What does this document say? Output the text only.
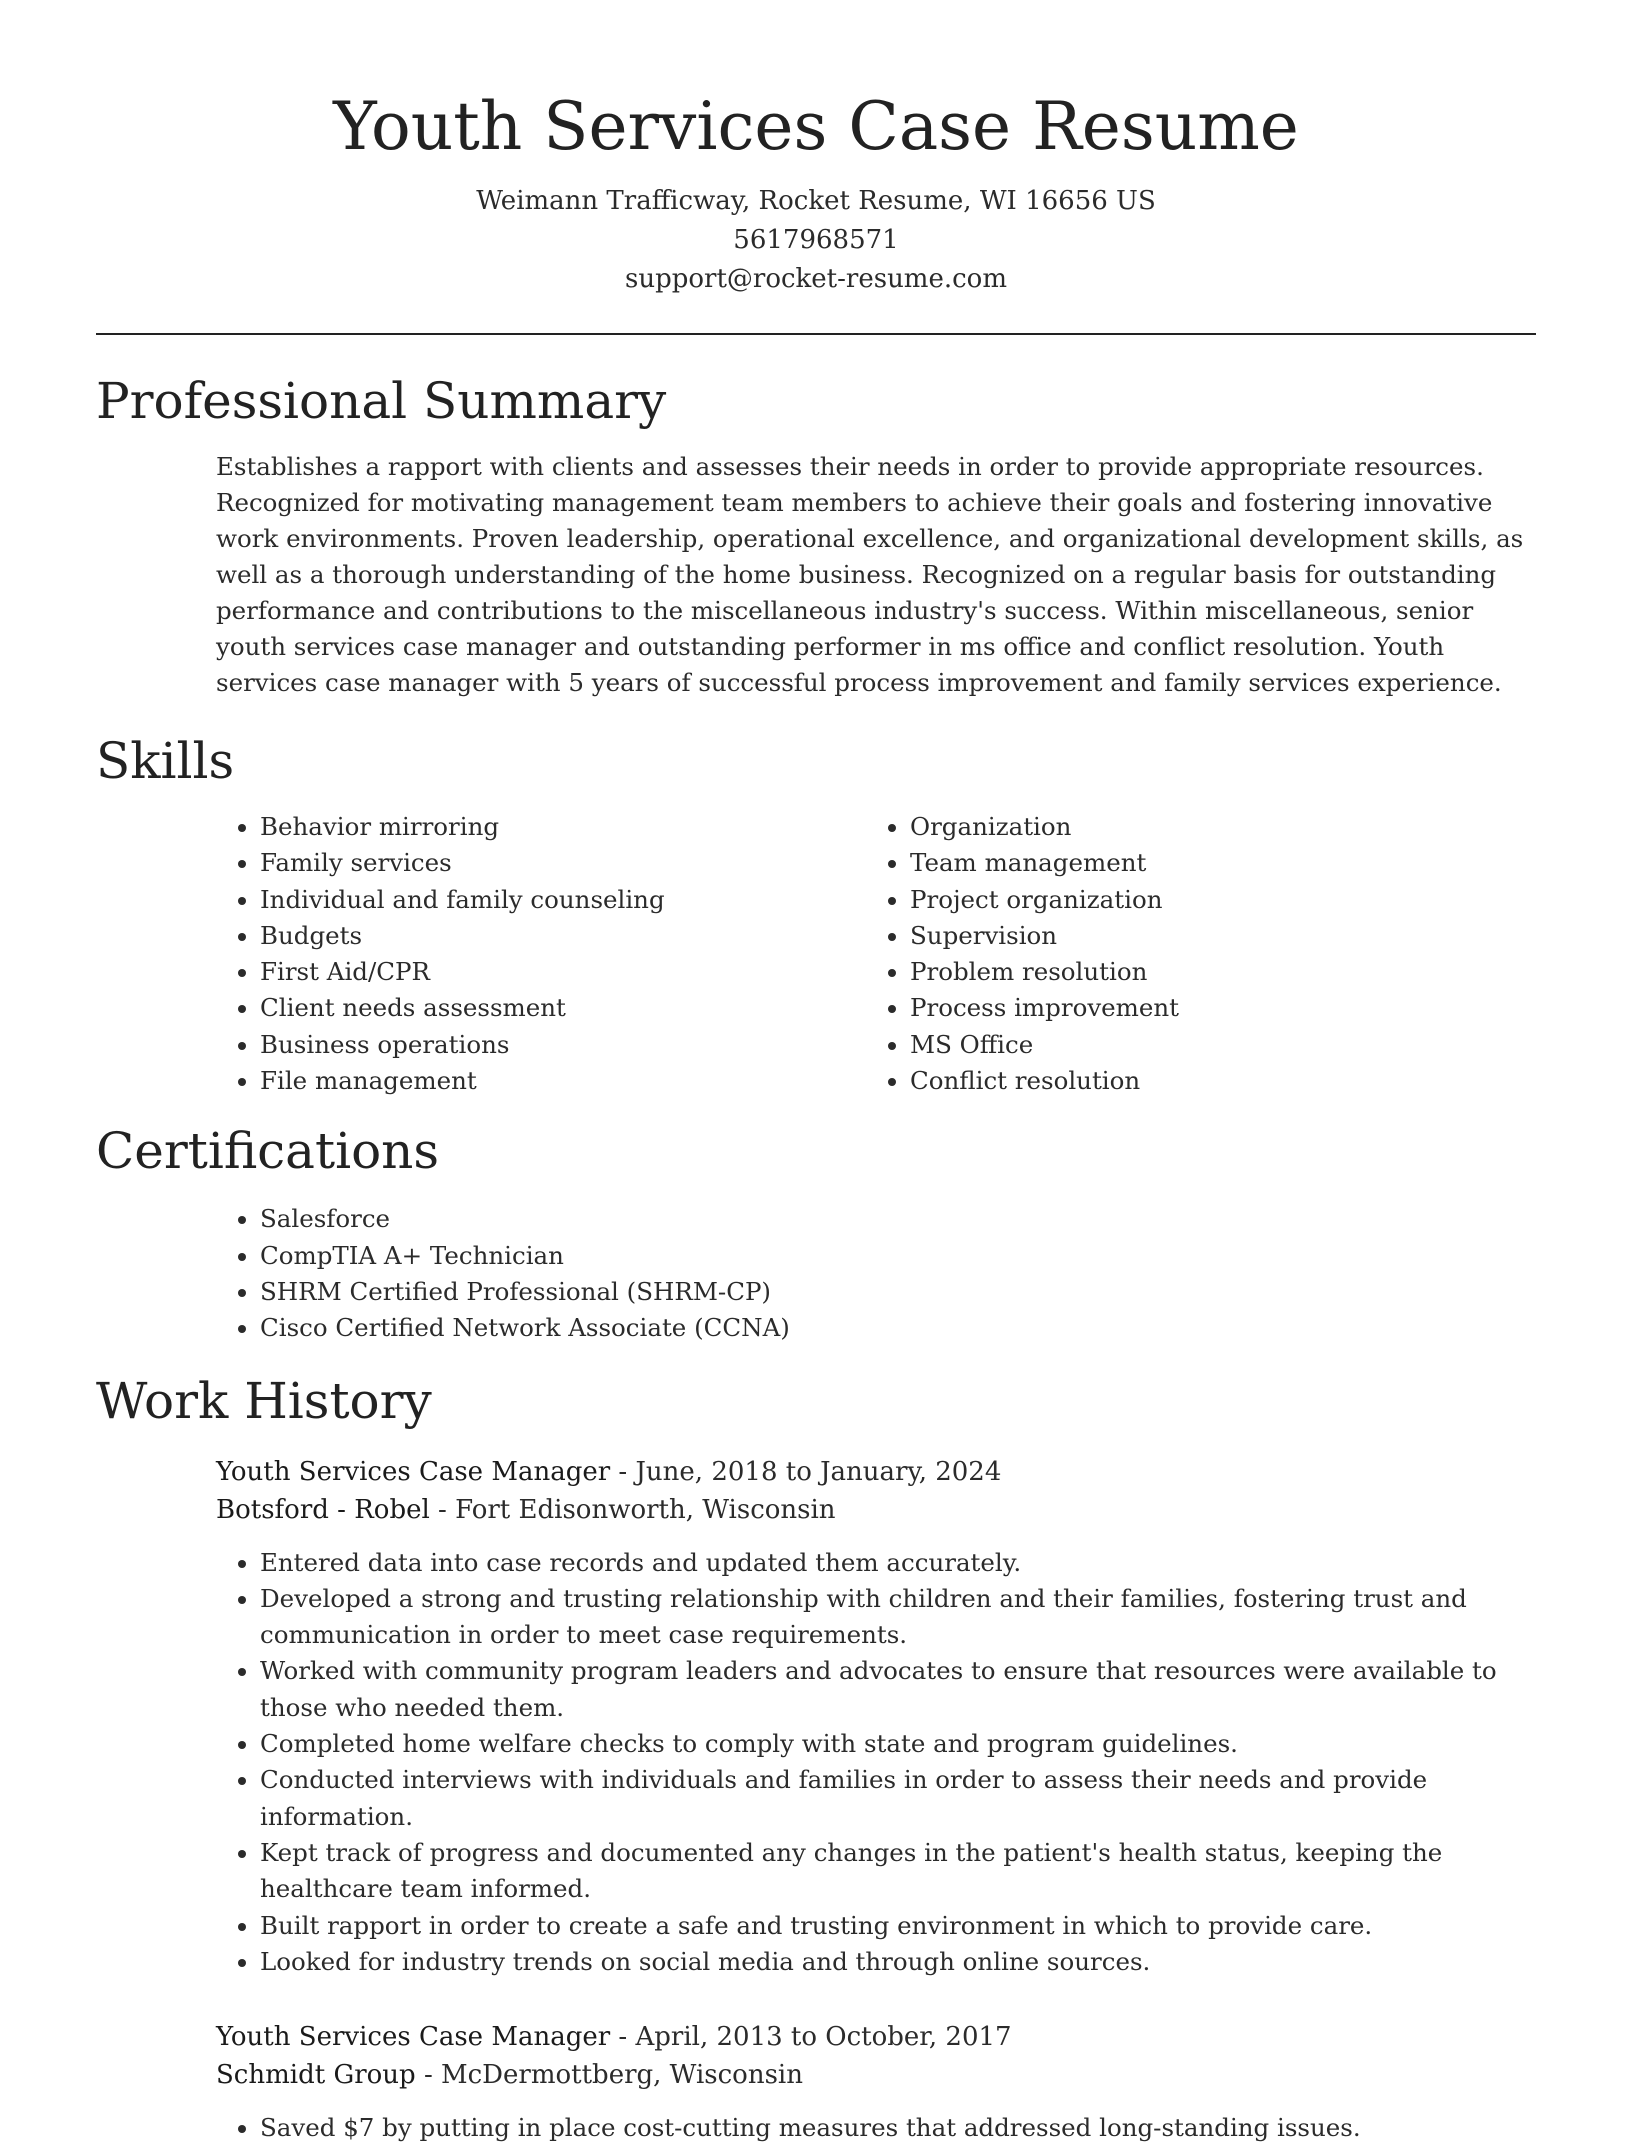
Youth Services Case Resume
Weimann Trafficway, Rocket Resume, WI 16656 US
5617968571
support@rocket-resume.com
Professional Summary

Establishes a rapport with clients and assesses their needs in order to provide appropriate resources. Recognized for motivating management team members to achieve their goals and fostering innovative work environments. Proven leadership, operational excellence, and organizational development skills, as well as a thorough understanding of the home business. Recognized on a regular basis for outstanding performance and contributions to the miscellaneous industry's success. Within miscellaneous, senior youth services case manager and outstanding performer in ms office and conflict resolution. Youth services case manager with 5 years of successful process improvement and family services experience.

Skills
• Behavior mirroring
• Family services
• Individual and family counseling
• Budgets
• First Aid/CPR
• Client needs assessment
• Business operations
• File management
• Organization
• Team management
• Project organization
• Supervision
• Problem resolution
• Process improvement
• MS Office
• Conflict resolution
Certifications
• Salesforce
• CompTIA A+ Technician
• SHRM Certified Professional (SHRM-CP)
• Cisco Certified Network Associate (CCNA)
Work History
Youth Services Case Manager - June, 2018 to January, 2024
Botsford - Robel - Fort Edisonworth, Wisconsin
• Entered data into case records and updated them accurately.
• Developed a strong and trusting relationship with children and their families, fostering trust and communication in order to meet case requirements.
• Worked with community program leaders and advocates to ensure that resources were available to those who needed them.
• Completed home welfare checks to comply with state and program guidelines.
• Conducted interviews with individuals and families in order to assess their needs and provide information.
• Kept track of progress and documented any changes in the patient's health status, keeping the healthcare team informed.
• Built rapport in order to create a safe and trusting environment in which to provide care.
• Looked for industry trends on social media and through online sources.
Youth Services Case Manager - April, 2013 to October, 2017
Schmidt Group - McDermottberg, Wisconsin
• Saved $7 by putting in place cost-cutting measures that addressed long-standing issues.
